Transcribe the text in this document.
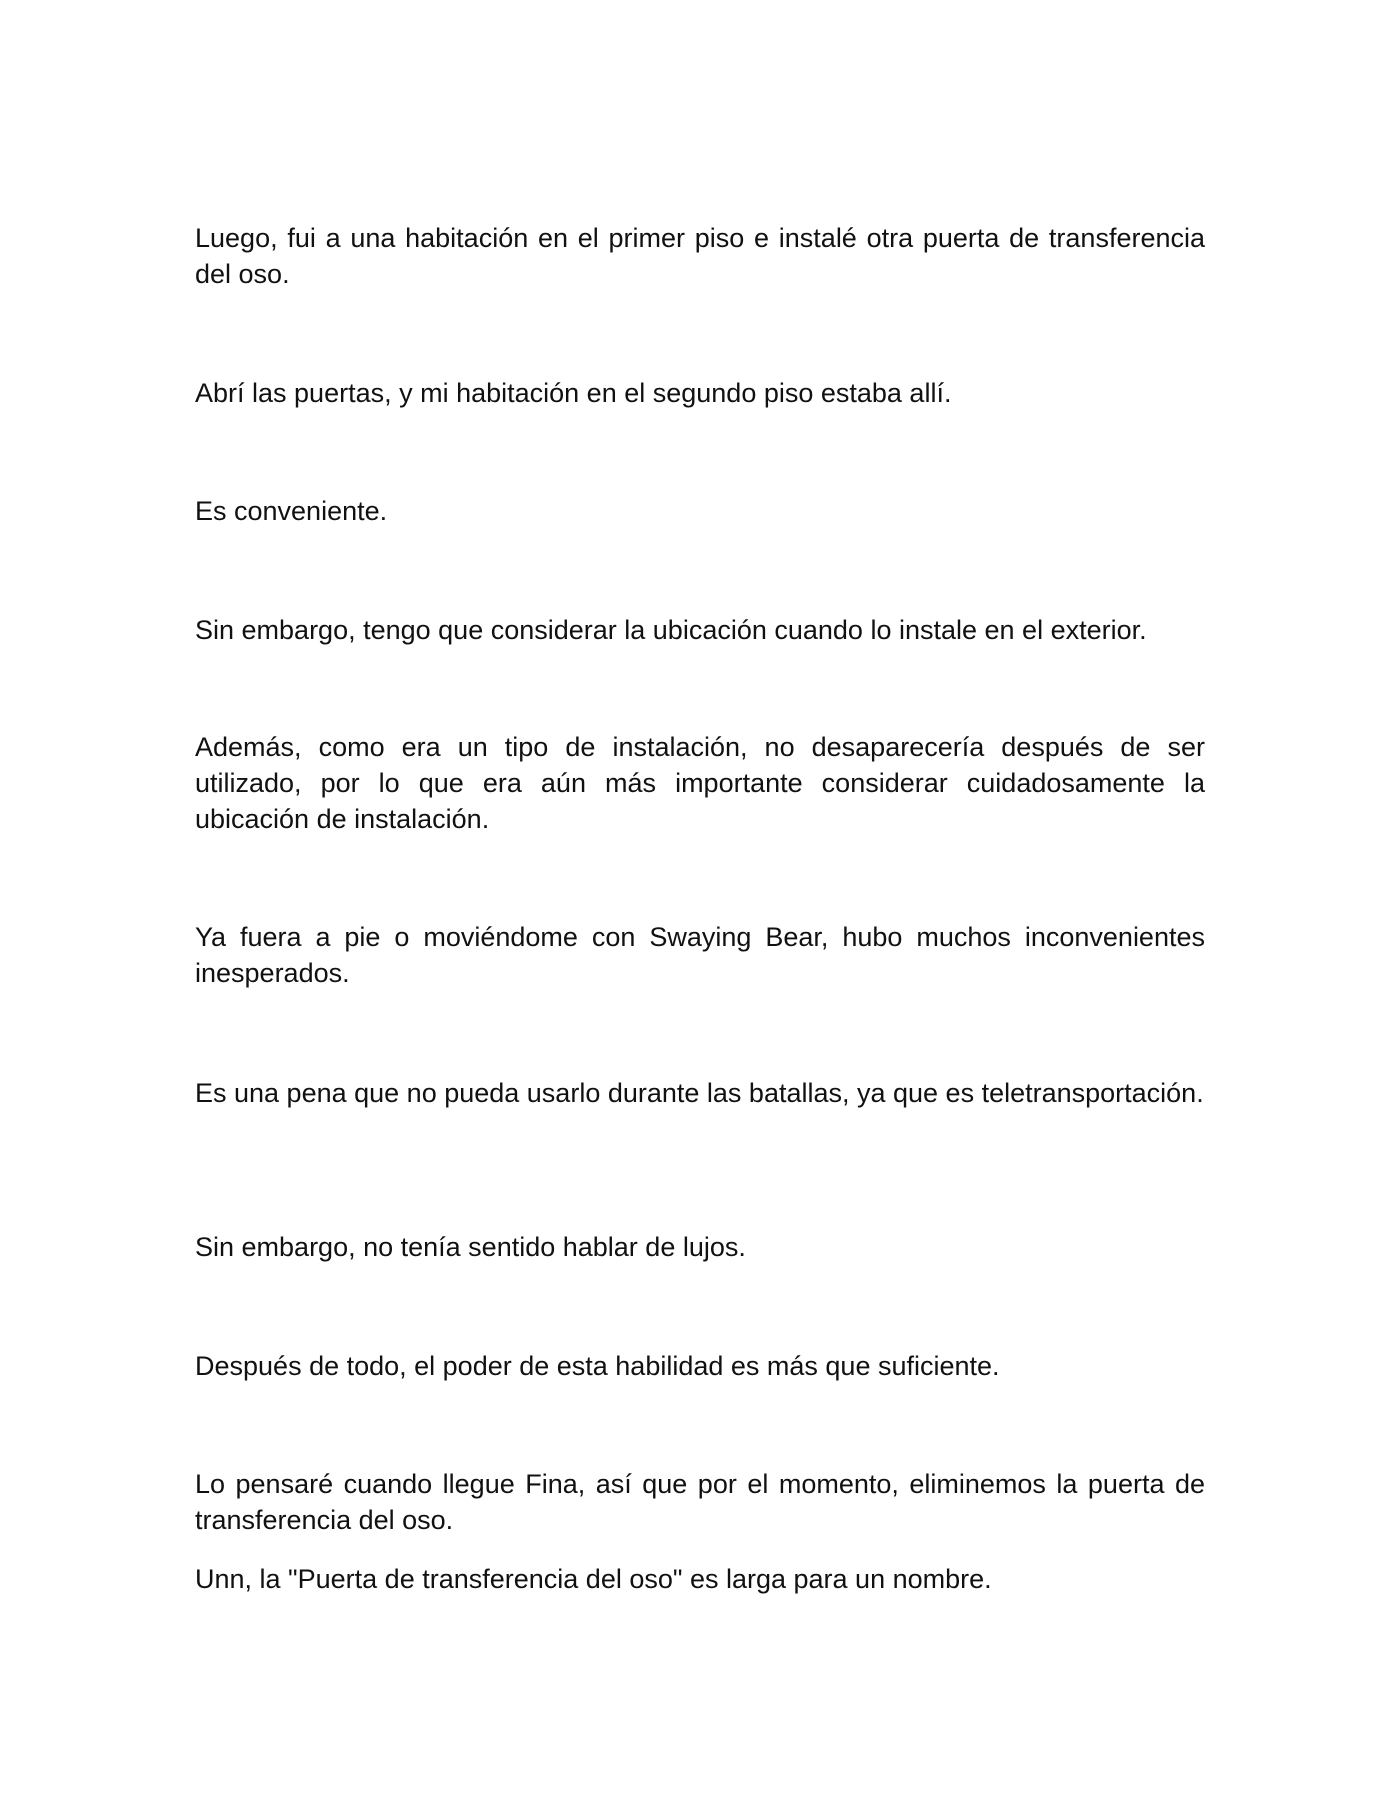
Luego, fui a una habitación en el primer piso e instalé otra puerta de transferencia del oso.

Abrí las puertas, y mi habitación en el segundo piso estaba allí.

Es conveniente.

Sin embargo, tengo que considerar la ubicación cuando lo instale en el exterior.

Además, como era un tipo de instalación, no desaparecería después de ser utilizado, por lo que era aún más importante considerar cuidadosamente la ubicación de instalación.

Ya fuera a pie o moviéndome con Swaying Bear, hubo muchos inconvenientes inesperados.

Es una pena que no pueda usarlo durante las batallas, ya que es teletransportación.

Sin embargo, no tenía sentido hablar de lujos.

Después de todo, el poder de esta habilidad es más que suficiente.

Lo pensaré cuando llegue Fina, así que por el momento, eliminemos la puerta de transferencia del oso.

Unn, la "Puerta de transferencia del oso" es larga para un nombre.
